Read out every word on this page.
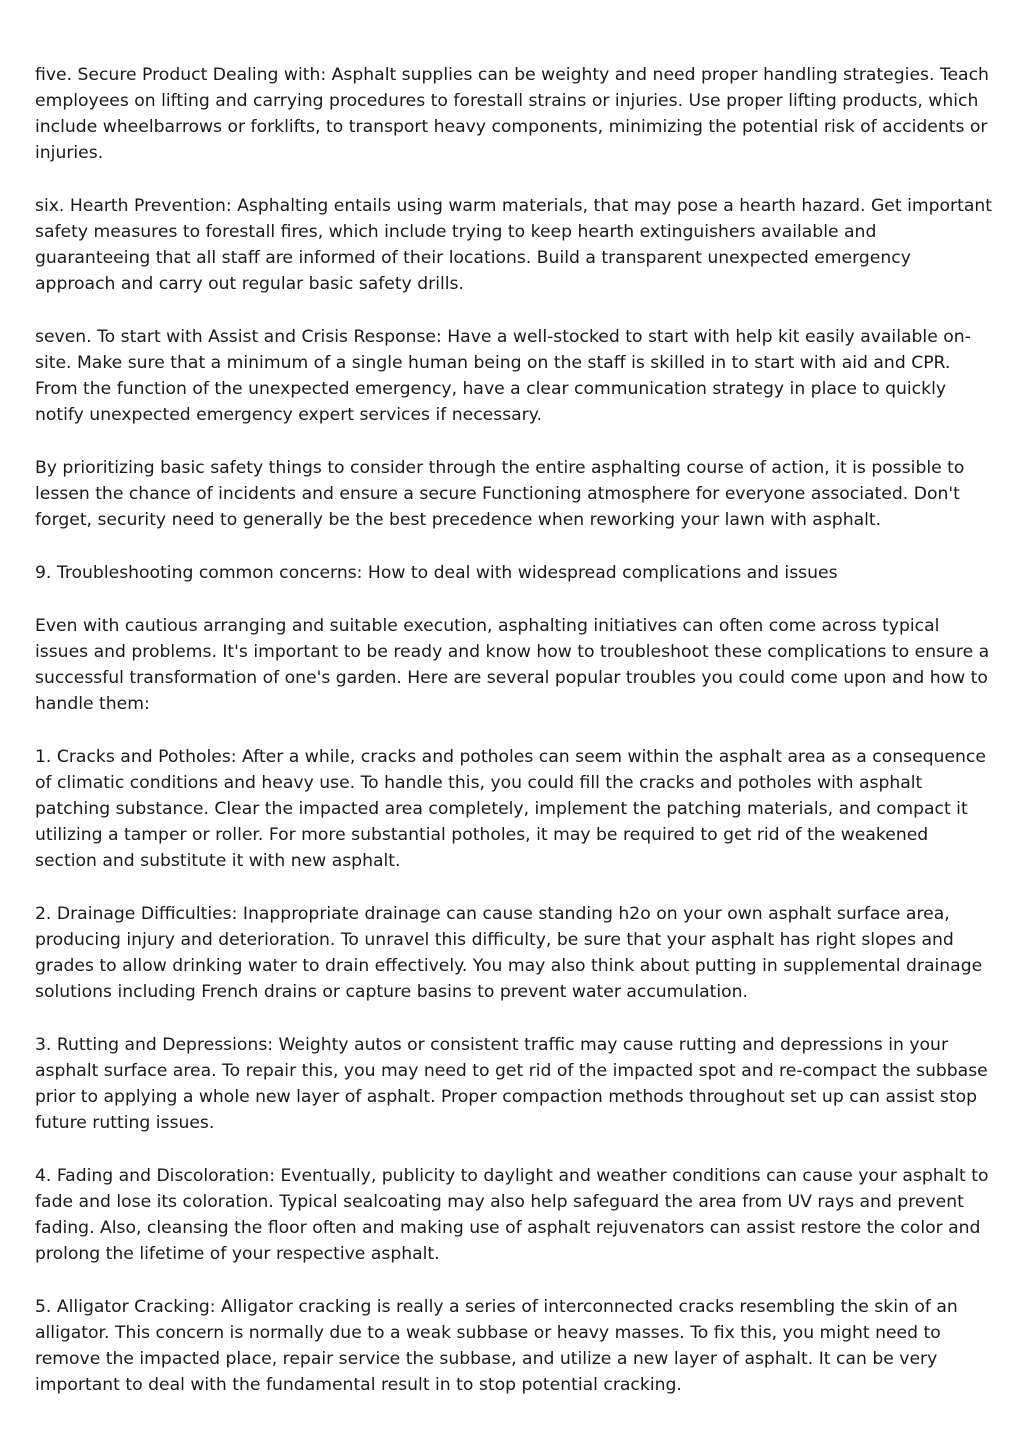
five. Secure Product Dealing with: Asphalt supplies can be weighty and need proper handling strategies. Teach employees on lifting and carrying procedures to forestall strains or injuries. Use proper lifting products, which include wheelbarrows or forklifts, to transport heavy components, minimizing the potential risk of accidents or injuries.

six. Hearth Prevention: Asphalting entails using warm materials, that may pose a hearth hazard. Get important safety measures to forestall fires, which include trying to keep hearth extinguishers available and guaranteeing that all staff are informed of their locations. Build a transparent unexpected emergency approach and carry out regular basic safety drills.

seven. To start with Assist and Crisis Response: Have a well-stocked to start with help kit easily available on-site. Make sure that a minimum of a single human being on the staff is skilled in to start with aid and CPR. From the function of the unexpected emergency, have a clear communication strategy in place to quickly notify unexpected emergency expert services if necessary.

By prioritizing basic safety things to consider through the entire asphalting course of action, it is possible to lessen the chance of incidents and ensure a secure Functioning atmosphere for everyone associated. Don't forget, security need to generally be the best precedence when reworking your lawn with asphalt.

9. Troubleshooting common concerns: How to deal with widespread complications and issues

Even with cautious arranging and suitable execution, asphalting initiatives can often come across typical issues and problems. It's important to be ready and know how to troubleshoot these complications to ensure a successful transformation of one's garden. Here are several popular troubles you could come upon and how to handle them:

1. Cracks and Potholes: After a while, cracks and potholes can seem within the asphalt area as a consequence of climatic conditions and heavy use. To handle this, you could fill the cracks and potholes with asphalt patching substance. Clear the impacted area completely, implement the patching materials, and compact it utilizing a tamper or roller. For more substantial potholes, it may be required to get rid of the weakened section and substitute it with new asphalt.

2. Drainage Difficulties: Inappropriate drainage can cause standing h2o on your own asphalt surface area, producing injury and deterioration. To unravel this difficulty, be sure that your asphalt has right slopes and grades to allow drinking water to drain effectively. You may also think about putting in supplemental drainage solutions including French drains or capture basins to prevent water accumulation.

3. Rutting and Depressions: Weighty autos or consistent traffic may cause rutting and depressions in your asphalt surface area. To repair this, you may need to get rid of the impacted spot and re-compact the subbase prior to applying a whole new layer of asphalt. Proper compaction methods throughout set up can assist stop future rutting issues.

4. Fading and Discoloration: Eventually, publicity to daylight and weather conditions can cause your asphalt to fade and lose its coloration. Typical sealcoating may also help safeguard the area from UV rays and prevent fading. Also, cleansing the floor often and making use of asphalt rejuvenators can assist restore the color and prolong the lifetime of your respective asphalt.

5. Alligator Cracking: Alligator cracking is really a series of interconnected cracks resembling the skin of an alligator. This concern is normally due to a weak subbase or heavy masses. To fix this, you might need to remove the impacted place, repair service the subbase, and utilize a new layer of asphalt. It can be very important to deal with the fundamental result in to stop potential cracking.
